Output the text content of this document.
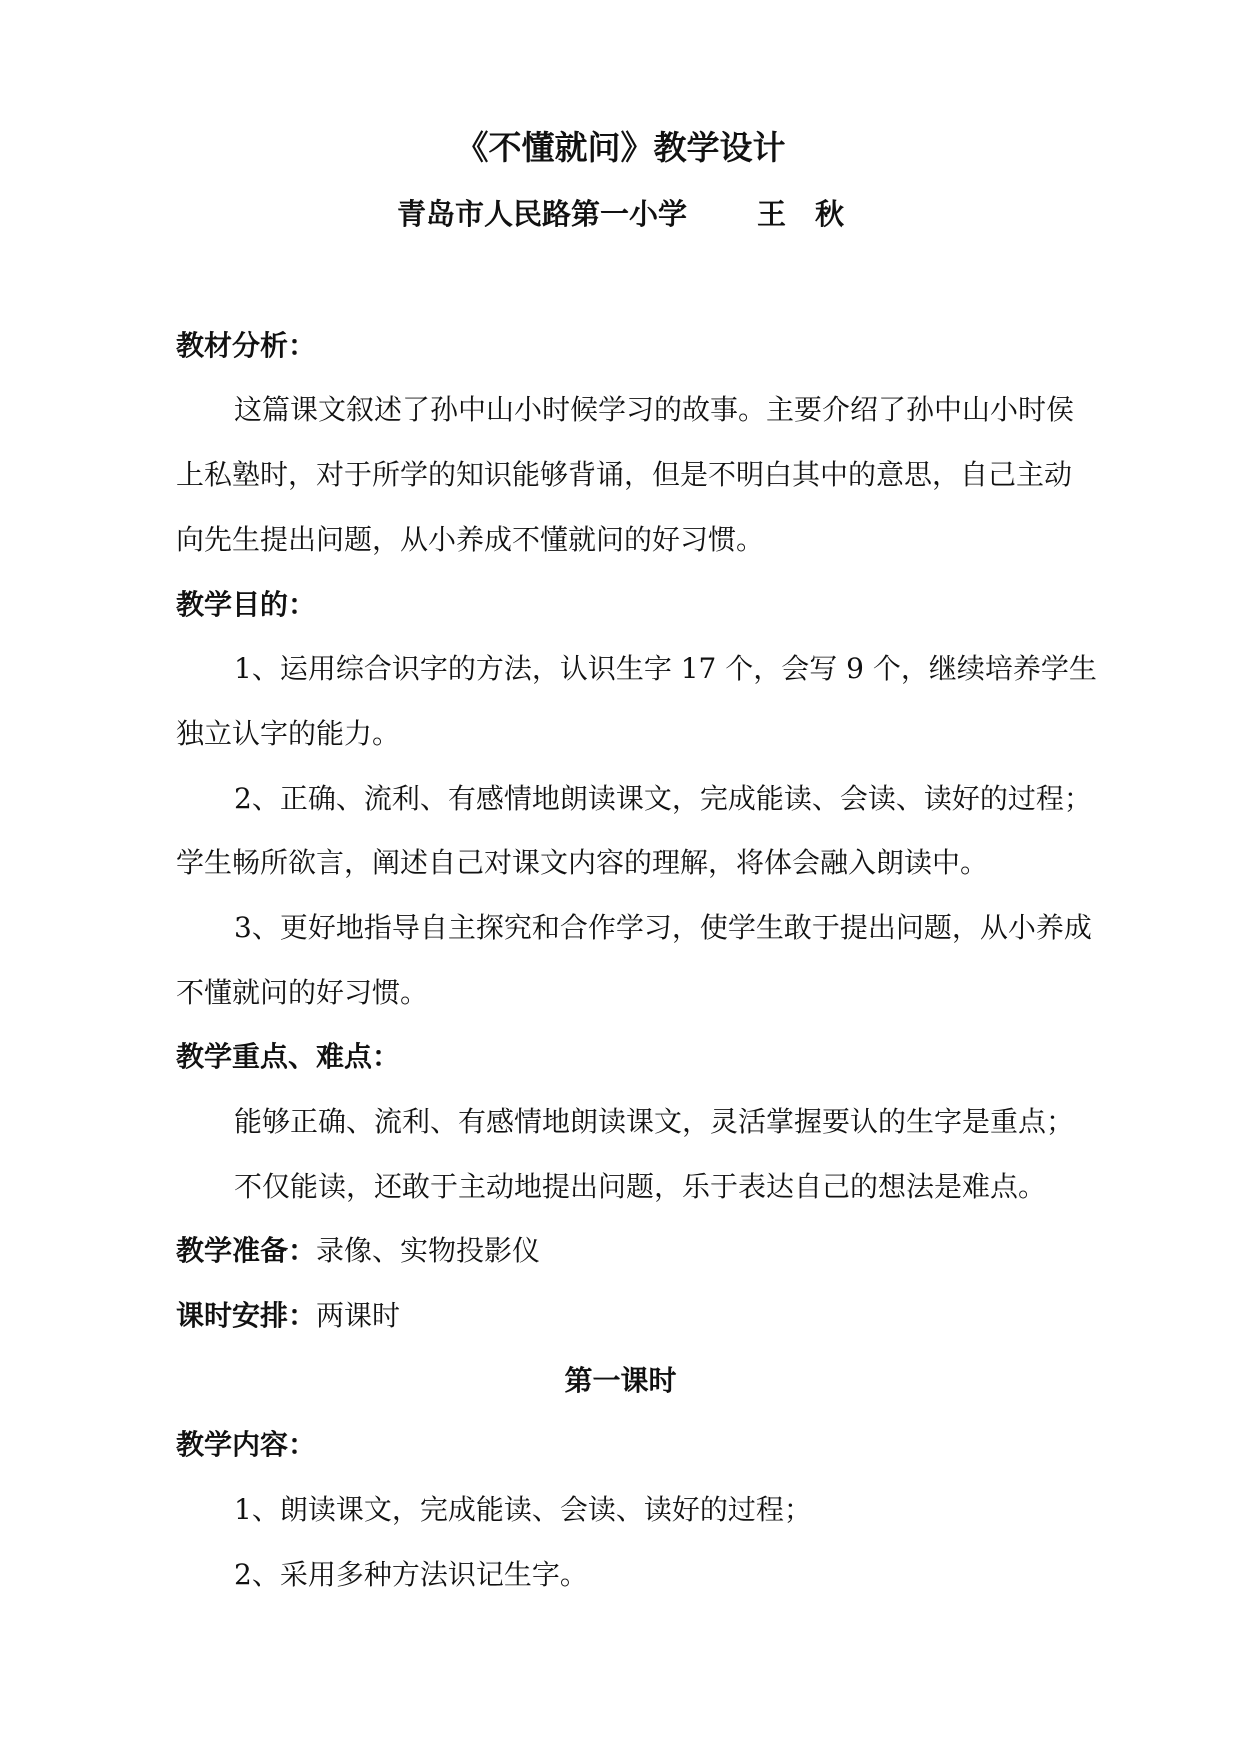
《不懂就问》教学设计
青岛市人民路第一小学 王　秋
教材分析：
这篇课文叙述了孙中山小时候学习的故事。主要介绍了孙中山小时侯
上私塾时，对于所学的知识能够背诵，但是不明白其中的意思，自己主动
向先生提出问题，从小养成不懂就问的好习惯。
教学目的：
1、运用综合识字的方法，认识生字 17 个，会写 9 个，继续培养学生
独立认字的能力。
2、正确、流利、有感情地朗读课文，完成能读、会读、读好的过程；
学生畅所欲言，阐述自己对课文内容的理解，将体会融入朗读中。
3、更好地指导自主探究和合作学习，使学生敢于提出问题，从小养成
不懂就问的好习惯。
教学重点、难点：
能够正确、流利、有感情地朗读课文，灵活掌握要认的生字是重点；
不仅能读，还敢于主动地提出问题，乐于表达自己的想法是难点。
教学准备：录像、实物投影仪
课时安排：两课时
第一课时
教学内容：
1、朗读课文，完成能读、会读、读好的过程；
2、采用多种方法识记生字。
